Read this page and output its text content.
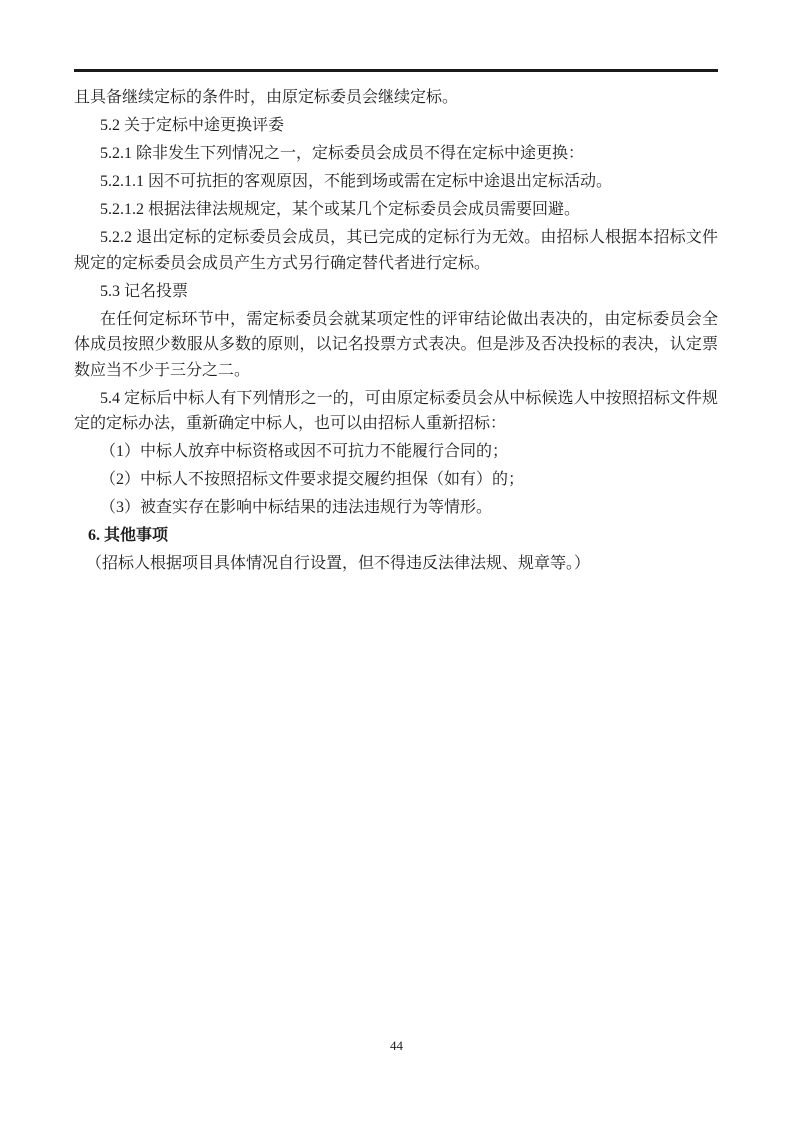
且具备继续定标的条件时，由原定标委员会继续定标。

5.2 关于定标中途更换评委

5.2.1 除非发生下列情况之一，定标委员会成员不得在定标中途更换：

5.2.1.1 因不可抗拒的客观原因，不能到场或需在定标中途退出定标活动。

5.2.1.2 根据法律法规规定，某个或某几个定标委员会成员需要回避。

5.2.2 退出定标的定标委员会成员，其已完成的定标行为无效。由招标人根据本招标文件规定的定标委员会成员产生方式另行确定替代者进行定标。

5.3 记名投票

在任何定标环节中，需定标委员会就某项定性的评审结论做出表决的，由定标委员会全体成员按照少数服从多数的原则，以记名投票方式表决。但是涉及否决投标的表决，认定票数应当不少于三分之二。

5.4 定标后中标人有下列情形之一的，可由原定标委员会从中标候选人中按照招标文件规定的定标办法，重新确定中标人，也可以由招标人重新招标：

（1）中标人放弃中标资格或因不可抗力不能履行合同的；

（2）中标人不按照招标文件要求提交履约担保（如有）的；

（3）被查实存在影响中标结果的违法违规行为等情形。

6. 其他事项

（招标人根据项目具体情况自行设置，但不得违反法律法规、规章等。）

44
